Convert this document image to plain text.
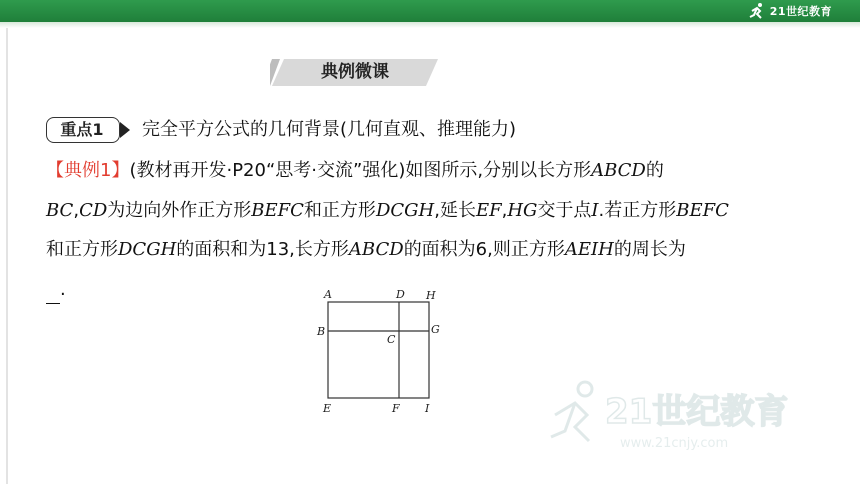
21世纪教育
典例微课
重点1	完全平方公式的几何背景(几何直观、推理能力)
【典例1】(教材再开发·P20“思考·交流”强化)如图所示,分别以长方形ABCD的
BC,CD为边向外作正方形BEFC和正方形DCGH,延长EF,HG交于点I.若正方形BEFC
和正方形DCGH的面积和为13,长方形ABCD的面积为6,则正方形AEIH的周长为
.	A	D H
B	G
C
E	F I	21世纪教育
www.21cnjy.com
